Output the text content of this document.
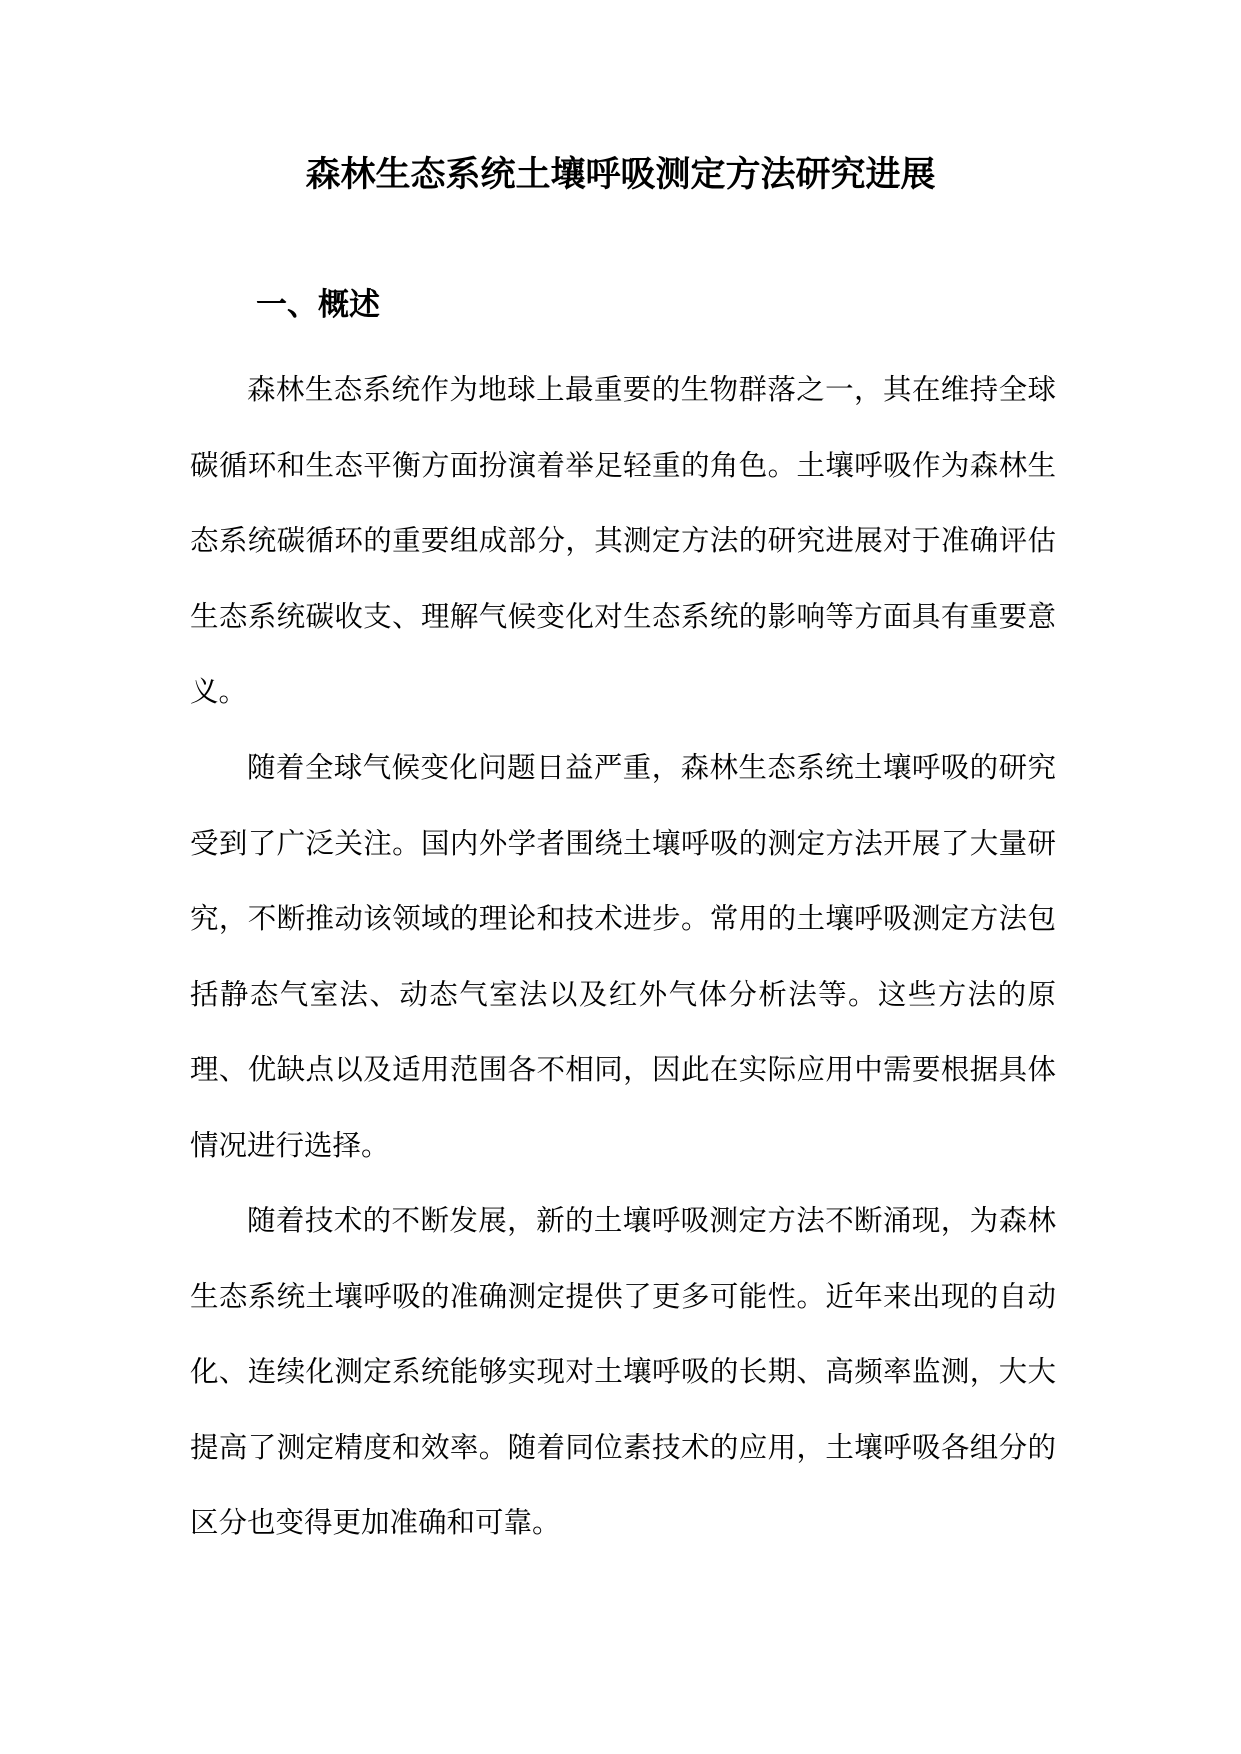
森林生态系统土壤呼吸测定方法研究进展
一、概述

森林生态系统作为地球上最重要的生物群落之一，其在维持全球碳循环和生态平衡方面扮演着举足轻重的角色。土壤呼吸作为森林生态系统碳循环的重要组成部分，其测定方法的研究进展对于准确评估生态系统碳收支、理解气候变化对生态系统的影响等方面具有重要意义。

随着全球气候变化问题日益严重，森林生态系统土壤呼吸的研究受到了广泛关注。国内外学者围绕土壤呼吸的测定方法开展了大量研究，不断推动该领域的理论和技术进步。常用的土壤呼吸测定方法包括静态气室法、动态气室法以及红外气体分析法等。这些方法的原理、优缺点以及适用范围各不相同，因此在实际应用中需要根据具体情况进行选择。

随着技术的不断发展，新的土壤呼吸测定方法不断涌现，为森林生态系统土壤呼吸的准确测定提供了更多可能性。近年来出现的自动化、连续化测定系统能够实现对土壤呼吸的长期、高频率监测，大大提高了测定精度和效率。随着同位素技术的应用，土壤呼吸各组分的区分也变得更加准确和可靠。
